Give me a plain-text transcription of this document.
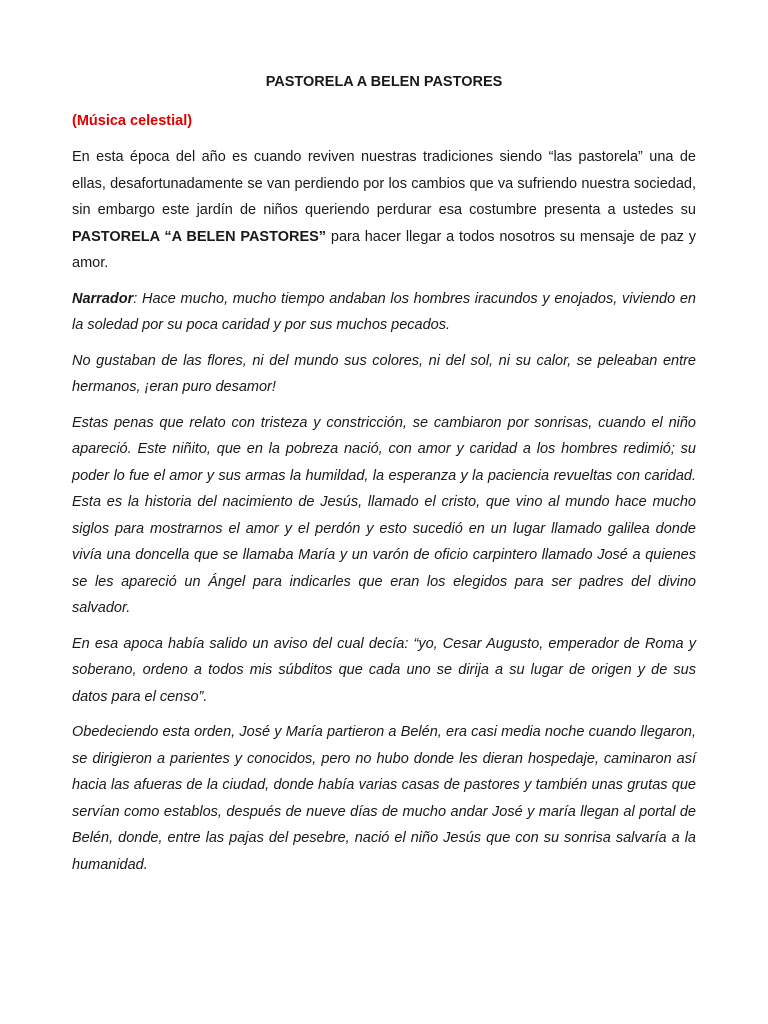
PASTORELA A BELEN PASTORES
(Música celestial)

En esta época del año es cuando reviven nuestras tradiciones siendo “las pastorela” una de ellas, desafortunadamente se van perdiendo por los cambios que va sufriendo nuestra sociedad, sin embargo este jardín de niños queriendo perdurar esa costumbre presenta a ustedes su PASTORELA “A BELEN PASTORES” para hacer llegar a todos nosotros su mensaje de paz y amor.

Narrador: Hace mucho, mucho tiempo andaban los hombres iracundos y enojados, viviendo en la soledad por su poca caridad y por sus muchos pecados.

No gustaban de las flores, ni del mundo sus colores, ni del sol, ni su calor, se peleaban entre hermanos, ¡eran puro desamor!

Estas penas que relato con tristeza y constricción, se cambiaron por sonrisas, cuando el niño apareció. Este niñito, que en la pobreza nació, con amor y caridad a los hombres redimió; su poder lo fue el amor y sus armas la humildad, la esperanza y la paciencia revueltas con caridad. Esta es la historia del nacimiento de Jesús, llamado el cristo, que vino al mundo hace mucho siglos para mostrarnos el amor y el perdón y esto sucedió en un lugar llamado galilea donde vivía una doncella que se llamaba María y un varón de oficio carpintero llamado José a quienes se les apareció un Ángel para indicarles que eran los elegidos para ser padres del divino salvador.

En esa apoca había salido un aviso del cual decía: “yo, Cesar Augusto, emperador de Roma y soberano, ordeno a todos mis súbditos que cada uno se dirija a su lugar de origen y de sus datos para el censo”.

Obedeciendo esta orden, José y María partieron a Belén, era casi media noche cuando llegaron, se dirigieron a parientes y conocidos, pero no hubo donde les dieran hospedaje, caminaron así hacia las afueras de la ciudad, donde había varias casas de pastores y también unas grutas que servían como establos, después de nueve días de mucho andar José y maría llegan al portal de Belén, donde, entre las pajas del pesebre, nació el niño Jesús que con su sonrisa salvaría a la humanidad.
